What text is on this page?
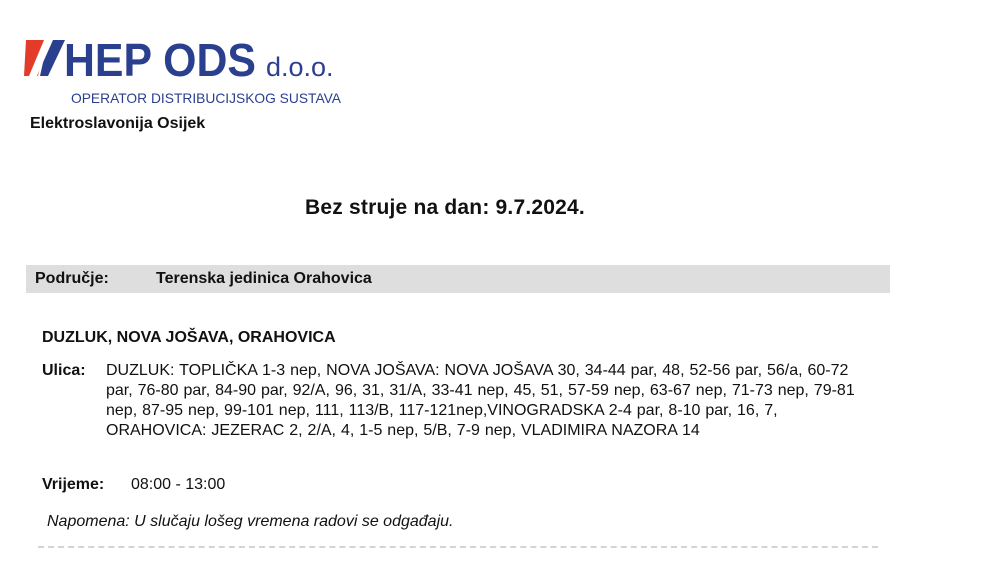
HEP ODS d.o.o.
OPERATOR DISTRIBUCIJSKOG SUSTAVA
Elektroslavonija Osijek
Bez struje na dan: 9.7.2024.
Područje:	Terenska jedinica Orahovica
DUZLUK, NOVA JOŠAVA, ORAHOVICA
Ulica: DUZLUK: TOPLIČKA 1-3 nep, NOVA JOŠAVA: NOVA JOŠAVA 30, 34-44 par, 48, 52-56 par, 56/a, 60-72 par, 76-80 par, 84-90 par, 92/A, 96, 31, 31/A, 33-41 nep, 45, 51, 57-59 nep, 63-67 nep, 71-73 nep, 79-81 nep, 87-95 nep, 99-101 nep, 111, 113/B, 117-121nep,VINOGRADSKA 2-4 par, 8-10 par, 16, 7, ORAHOVICA: JEZERAC 2, 2/A, 4, 1-5 nep, 5/B, 7-9 nep, VLADIMIRA NAZORA 14
Vrijeme: 08:00 - 13:00
Napomena: U slučaju lošeg vremena radovi se odgađaju.
